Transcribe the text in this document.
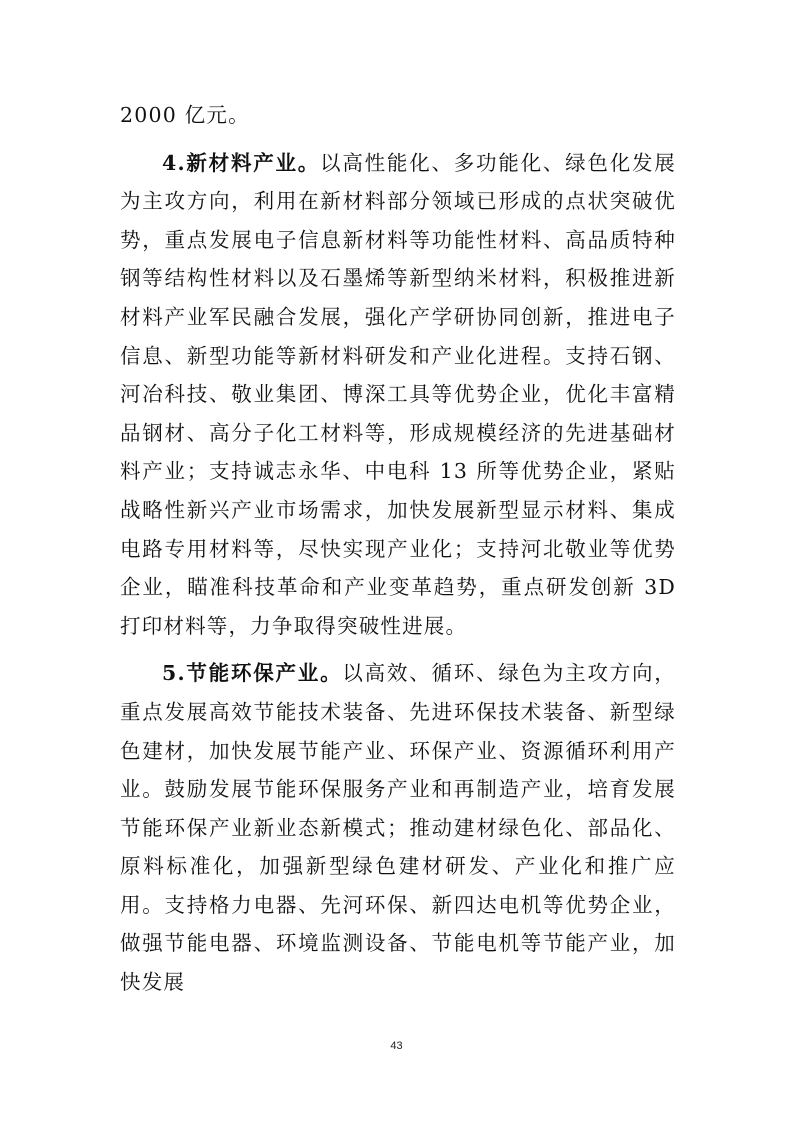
2000 亿元。

4.新材料产业。以高性能化、多功能化、绿色化发展为主攻方向，利用在新材料部分领域已形成的点状突破优势，重点发展电子信息新材料等功能性材料、高品质特种钢等结构性材料以及石墨烯等新型纳米材料，积极推进新材料产业军民融合发展，强化产学研协同创新，推进电子信息、新型功能等新材料研发和产业化进程。支持石钢、河冶科技、敬业集团、博深工具等优势企业，优化丰富精品钢材、高分子化工材料等，形成规模经济的先进基础材料产业；支持诚志永华、中电科 13 所等优势企业，紧贴战略性新兴产业市场需求，加快发展新型显示材料、集成电路专用材料等，尽快实现产业化；支持河北敬业等优势企业，瞄准科技革命和产业变革趋势，重点研发创新 3D 打印材料等，力争取得突破性进展。

5.节能环保产业。以高效、循环、绿色为主攻方向，重点发展高效节能技术装备、先进环保技术装备、新型绿色建材，加快发展节能产业、环保产业、资源循环利用产业。鼓励发展节能环保服务产业和再制造产业，培育发展节能环保产业新业态新模式；推动建材绿色化、部品化、原料标准化，加强新型绿色建材研发、产业化和推广应用。支持格力电器、先河环保、新四达电机等优势企业，做强节能电器、环境监测设备、节能电机等节能产业，加快发展

43
